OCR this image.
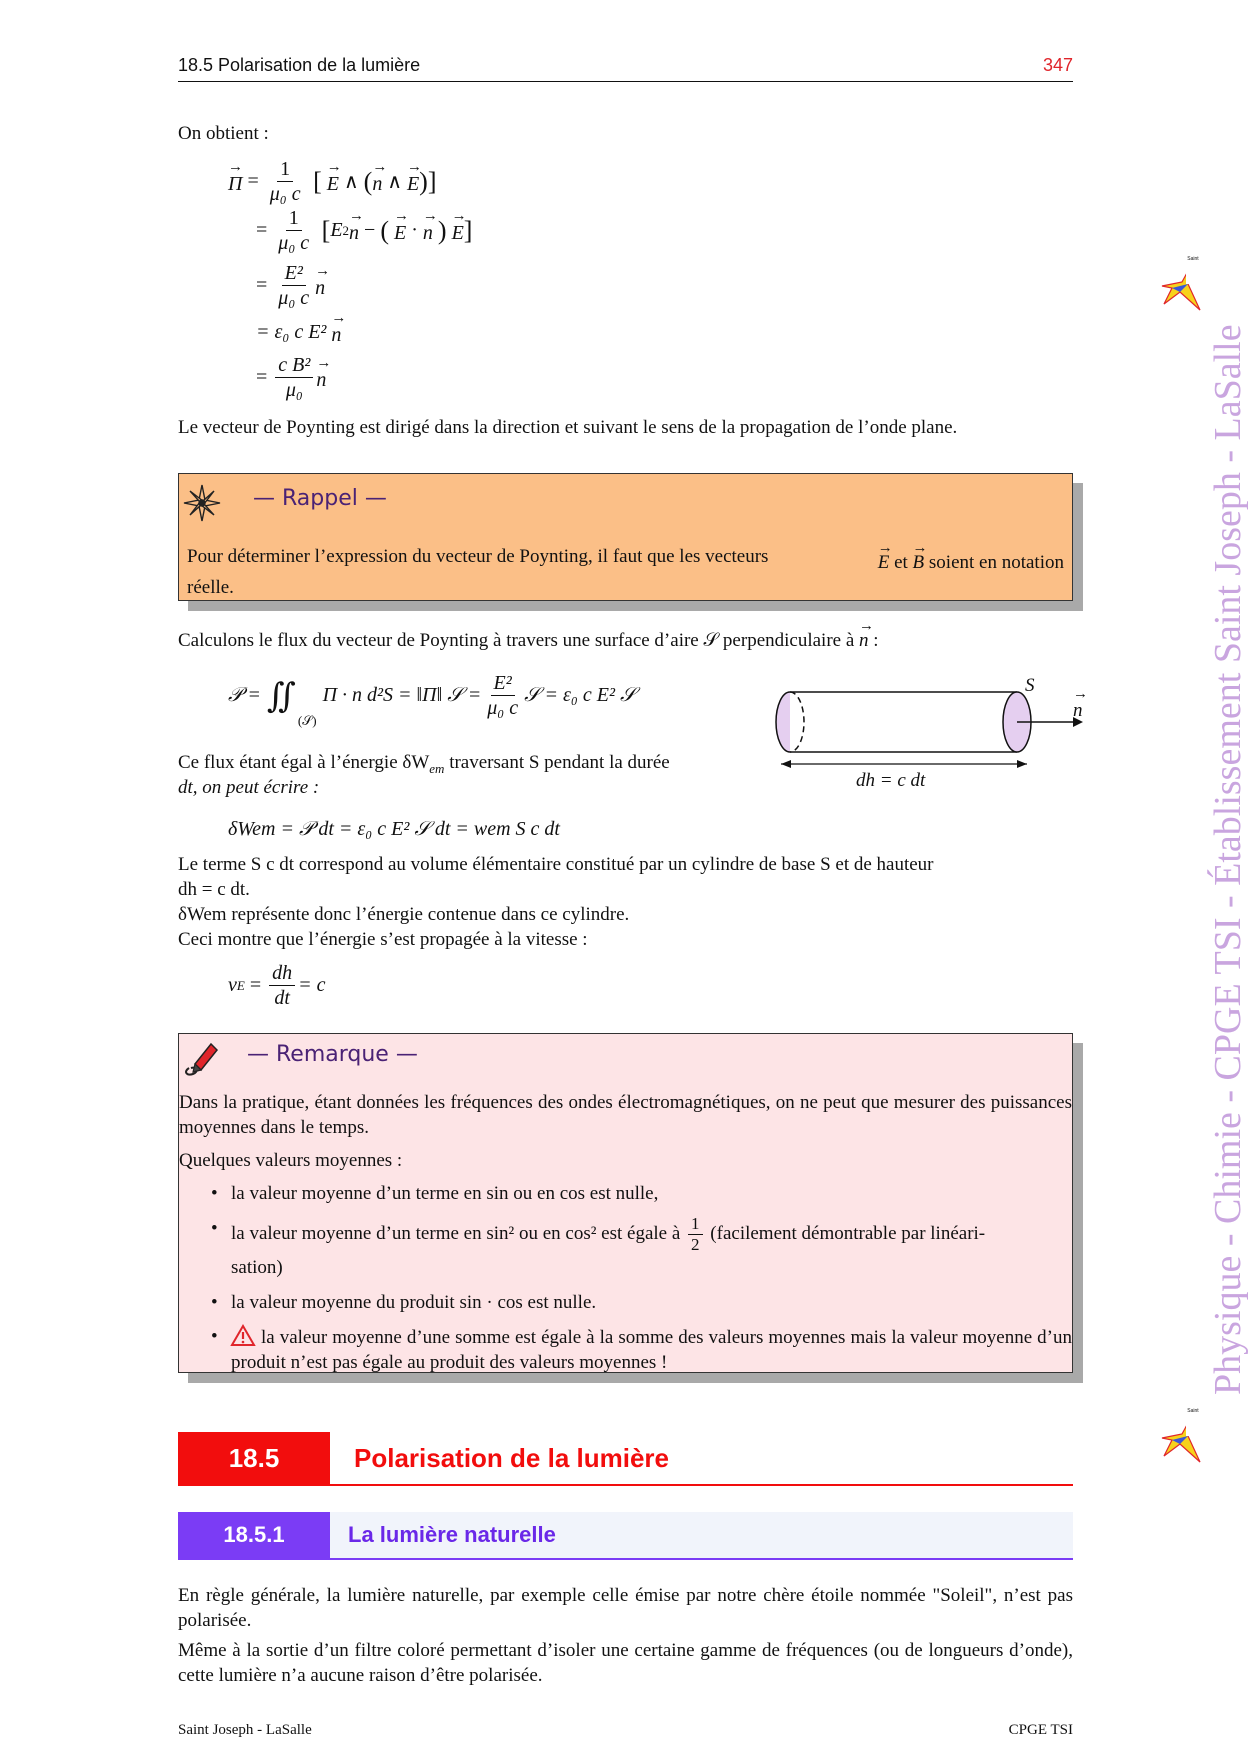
18.5 Polarisation de la lumière	347
On obtient :
→ $\Pi = \frac{1}{\text{μ₀ c}}$ [

→ E ∧ (
→ n ∧
→ E )]
= $\frac{1}{\text{μ₀ c}}$ [ E 2
→ n − (

→ E ·
→ n
)

→ E ]
= $\frac{\text{E²}}{\text{μ₀ c}}$
→ n
= ε₀ c E²

→ n
= $\frac{\text{c B²}}{\text{μ₀}}$
→ n
Le vecteur de Poynting est dirigé dans la direction et suivant le sens de la propagation de l’onde plane.
— Rappel —
Pour déterminer l’expression du vecteur de Poynting, il faut que les vecteurs
→	E et → B soient en notation
réelle.
Calculons le flux du vecteur de Poynting à travers une surface d’aire 𝒮 perpendiculaire à → n :
𝒫 = ∬
(𝒮)
Π · n d²S = ‖Π‖ 𝒮 = $\frac{\text{E²}}{\text{μ₀ c}}$ 𝒮 = ε₀ c E² 𝒮	S
→ n
dh = c dt
Ce flux étant égal à l’énergie $\delta W_{em}$ traversant S pendant la durée
dt, on peut écrire :
δWem = 𝒫 dt = ε₀ c E² 𝒮 dt = wem S c dt
Le terme S c dt correspond au volume élémentaire constitué par un cylindre de base S et de hauteur
dh = c dt.
δWem représente donc l’énergie contenue dans ce cylindre.
Ceci montre que l’énergie s’est propagée à la vitesse :
v $E = \frac{dh}{dt} = c$
— Remarque —
Dans la pratique, étant données les fréquences des ondes électromagnétiques, on ne peut que mesurer des puissances moyennes dans le temps.
Quelques valeurs moyennes :
• la valeur moyenne d’un terme en sin ou en cos est nulle,
• la valeur moyenne d’un terme en sin² ou en cos² est égale à $\frac{1}{2}$ (facilement démontrable par linéari-
sation)
• la valeur moyenne du produit sin · cos est nulle.
• la valeur moyenne d’une somme est égale à la somme des valeurs moyennes mais la valeur moyenne d’un produit n’est pas égale au produit des valeurs moyennes !
18.5	Polarisation de la lumière
18.5.1	La lumière naturelle
En règle générale, la lumière naturelle, par exemple celle émise par notre chère étoile nommée "Soleil", n’est pas polarisée.
Même à la sortie d’un filtre coloré permettant d’isoler une certaine gamme de fréquences (ou de longueurs d’onde), cette lumière n’a aucune raison d’être polarisée.
Saint
Saint
Physique - Chimie - CPGE TSI - Établissement Saint Joseph - LaSalle
Saint Joseph - LaSalle	CPGE TSI
